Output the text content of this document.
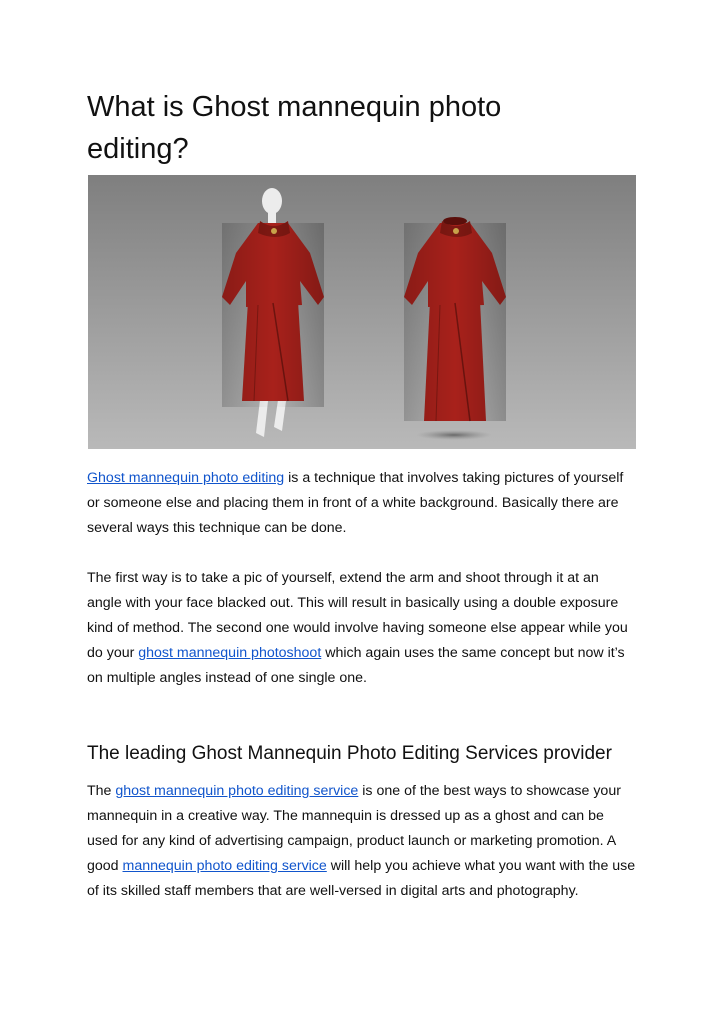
What is Ghost mannequin photo editing?

Ghost mannequin photo editing is a technique that involves taking pictures of yourself or someone else and placing them in front of a white background. Basically there are several ways this technique can be done.

The first way is to take a pic of yourself, extend the arm and shoot through it at an angle with your face blacked out. This will result in basically using a double exposure kind of method. The second one would involve having someone else appear while you do your ghost mannequin photoshoot which again uses the same concept but now it’s on multiple angles instead of one single one.

The leading Ghost Mannequin Photo Editing Services provider

The ghost mannequin photo editing service is one of the best ways to showcase your mannequin in a creative way. The mannequin is dressed up as a ghost and can be used for any kind of advertising campaign, product launch or marketing promotion. A good mannequin photo editing service will help you achieve what you want with the use of its skilled staff members that are well-versed in digital arts and photography.
